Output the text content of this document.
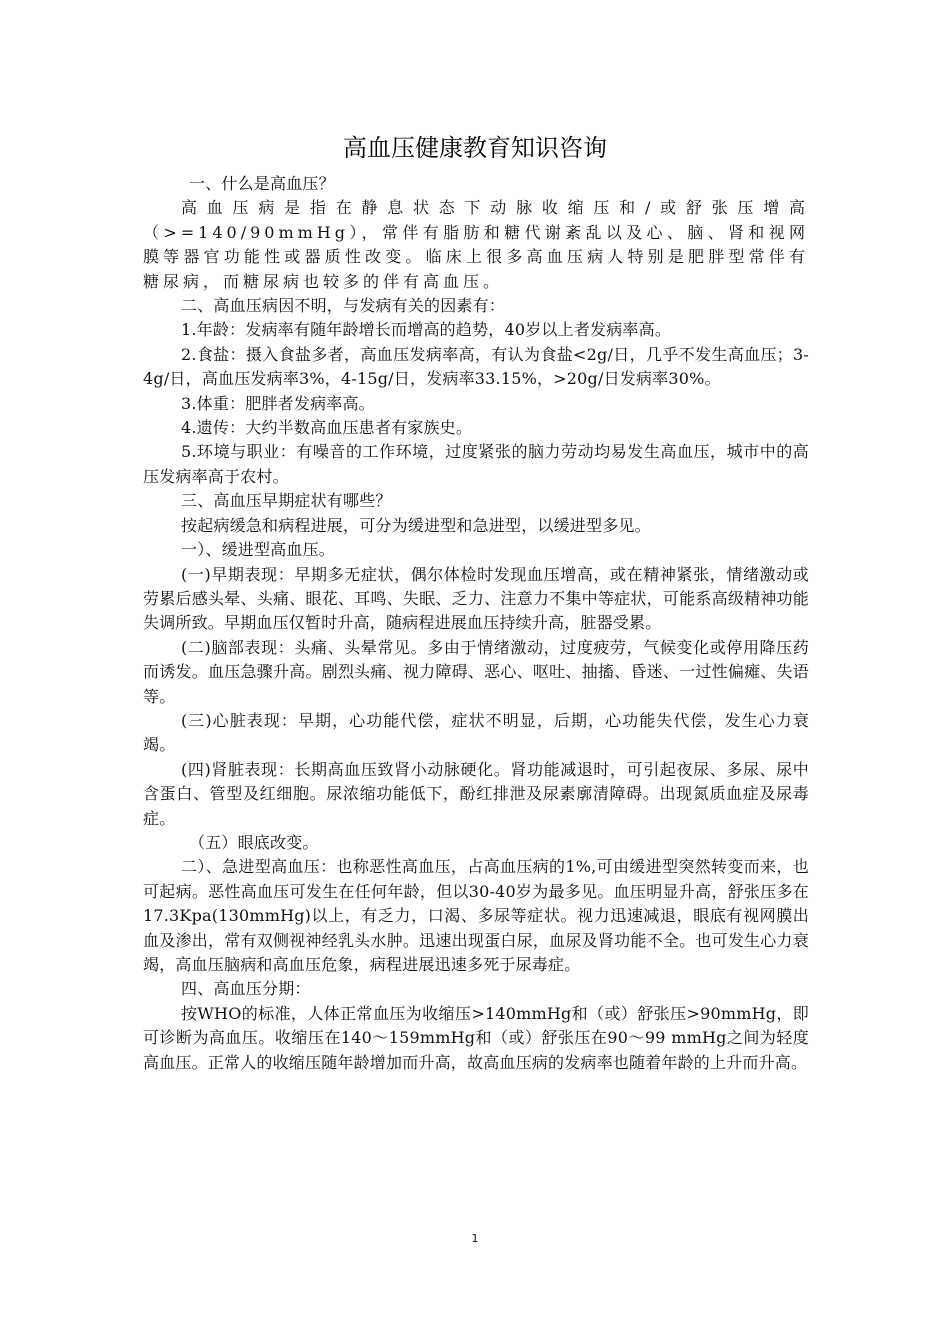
高血压健康教育知识咨询

一、什么是高血压？

高血压病是指在静息状态下动脉收缩压和/或舒张压增高（>=140/90mmHg），常伴有脂肪和糖代谢紊乱以及心、脑、肾和视网膜等器官功能性或器质性改变。临床上很多高血压病人特别是肥胖型常伴有糖尿病，而糖尿病也较多的伴有高血压。

二、高血压病因不明，与发病有关的因素有：

1.年龄：发病率有随年龄增长而增高的趋势，40岁以上者发病率高。

2.食盐：摄入食盐多者，高血压发病率高，有认为食盐<2g/日，几乎不发生高血压；3-4g/日，高血压发病率3%，4-15g/日，发病率33.15%，>20g/日发病率30%。

3.体重：肥胖者发病率高。

4.遗传：大约半数高血压患者有家族史。

5.环境与职业：有噪音的工作环境，过度紧张的脑力劳动均易发生高血压，城市中的高压发病率高于农村。

三、高血压早期症状有哪些？

按起病缓急和病程进展，可分为缓进型和急进型，以缓进型多见。

一）、缓进型高血压。

(一)早期表现：早期多无症状，偶尔体检时发现血压增高，或在精神紧张，情绪激动或劳累后感头晕、头痛、眼花、耳鸣、失眠、乏力、注意力不集中等症状，可能系高级精神功能失调所致。早期血压仅暂时升高，随病程进展血压持续升高，脏器受累。

(二)脑部表现：头痛、头晕常见。多由于情绪激动，过度疲劳，气候变化或停用降压药而诱发。血压急骤升高。剧烈头痛、视力障碍、恶心、呕吐、抽搐、昏迷、一过性偏瘫、失语等。

(三)心脏表现：早期，心功能代偿，症状不明显，后期，心功能失代偿，发生心力衰竭。

(四)肾脏表现：长期高血压致肾小动脉硬化。肾功能减退时，可引起夜尿、多尿、尿中含蛋白、管型及红细胞。尿浓缩功能低下，酚红排泄及尿素廓清障碍。出现氮质血症及尿毒症。

（五）眼底改变。

二）、急进型高血压：也称恶性高血压，占高血压病的1%,可由缓进型突然转变而来，也可起病。恶性高血压可发生在任何年龄，但以30-40岁为最多见。血压明显升高，舒张压多在17.3Kpa(130mmHg)以上，有乏力，口渴、多尿等症状。视力迅速减退，眼底有视网膜出血及渗出，常有双侧视神经乳头水肿。迅速出现蛋白尿，血尿及肾功能不全。也可发生心力衰竭，高血压脑病和高血压危象，病程进展迅速多死于尿毒症。

四、高血压分期：

按WHO的标准，人体正常血压为收缩压>140mmHg和（或）舒张压>90mmHg，即可诊断为高血压。收缩压在140～159mmHg和（或）舒张压在90～99 mmHg之间为轻度高血压。正常人的收缩压随年龄增加而升高，故高血压病的发病率也随着年龄的上升而升高。

1
